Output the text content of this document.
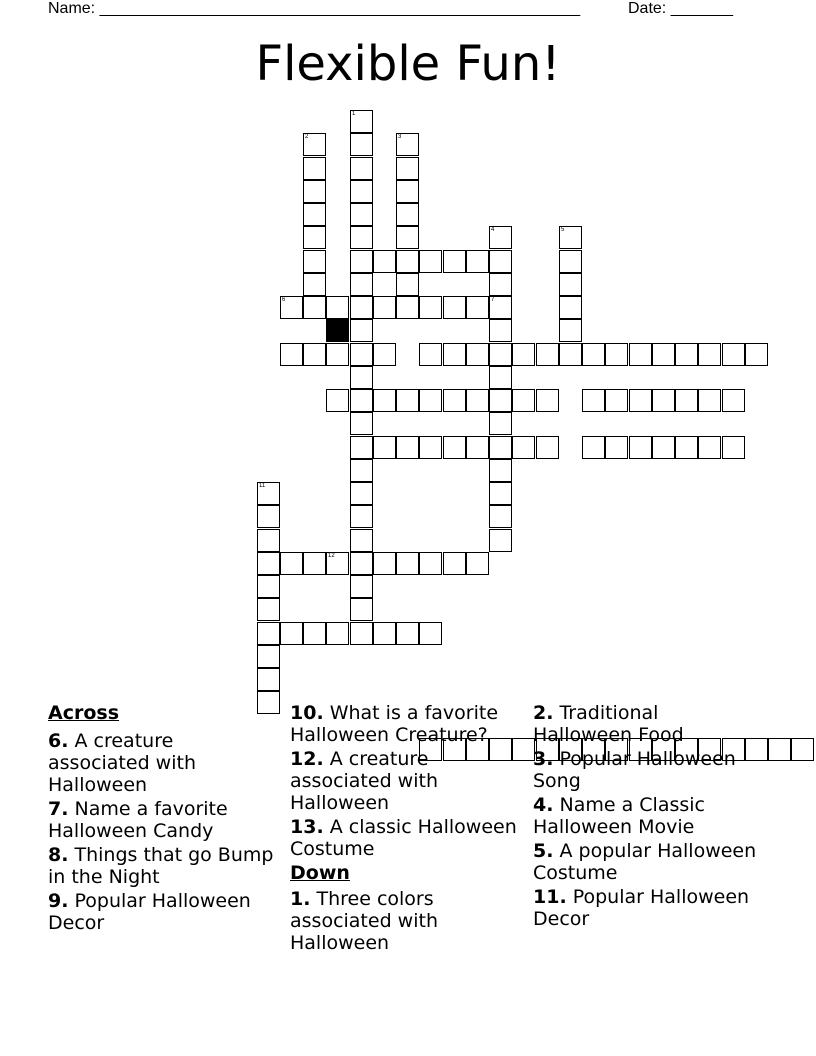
Name: ______________________________________________________	Date: _______
Flexible Fun!
1
2	3
4
7
5
11
6
12
Across
6. A creature associated with Halloween
7. Name a favorite Halloween Candy
8. Things that go Bump in the Night
9. Popular Halloween Decor
10. What is a favorite Halloween Creature?
12. A creature associated with Halloween
13. A classic Halloween Costume
Down
1. Three colors associated with Halloween
2. Traditional Halloween Food
3. Popular Halloween Song
4. Name a Classic Halloween Movie
5. A popular Halloween Costume
11. Popular Halloween Decor
